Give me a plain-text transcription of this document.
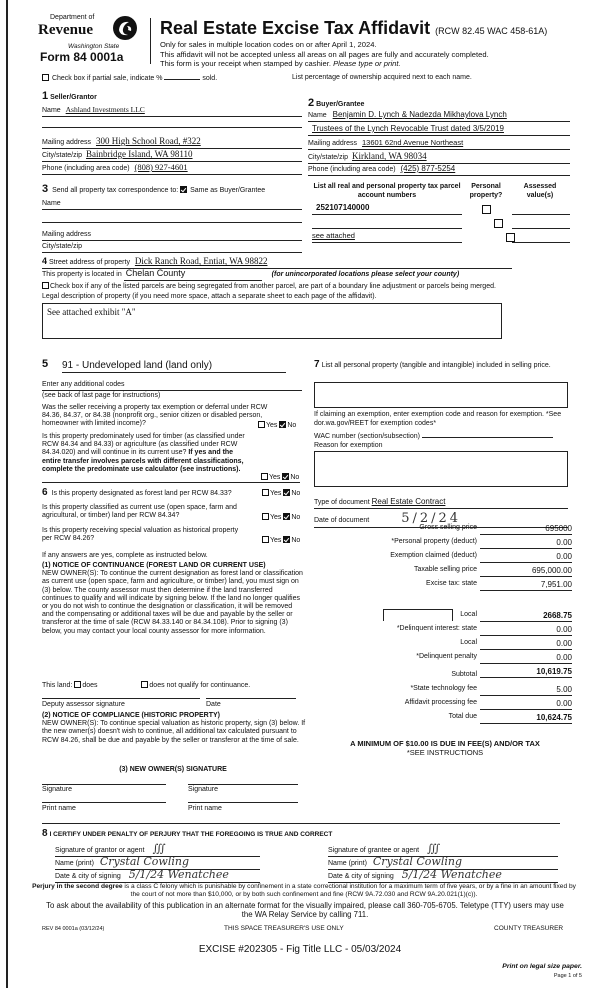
Department of
Revenue
Washington State
Form 84 0001a
Real Estate Excise Tax Affidavit (RCW 82.45 WAC 458-61A)
Only for sales in multiple location codes on or after April 1, 2024.
This affidavit will not be accepted unless all areas on all pages are fully and accurately completed.
This form is your receipt when stamped by cashier. Please type or print.
Check box if partial sale, indicate %	sold.	List percentage of ownership acquired next to each name.
1 Seller/Grantor
Name Ashland Investments LLC
Mailing address 300 High School Road, #322
City/state/zip Bainbridge Island, WA 98110
Phone (including area code) (808) 927-4601
2 Buyer/Grantee
Name Benjamin D. Lynch & Nadezda Mikhaylova Lynch
Trustees of the Lynch Revocable Trust dated 3/5/2019
Mailing address 13601 62nd Avenue Northeast
City/state/zip Kirkland, WA 98034
Phone (including area code) (425) 877-5254
3 Send all property tax correspondence to: Same as Buyer/Grantee
Name
Mailing address
City/state/zip
List all real and personal property tax parcel account numbers
Personal property?
Assessed value(s)
252107140000

see attached
4 Street address of property Dick Ranch Road, Entiat, WA 98822
This property is located in Chelan County	(for unincorporated locations please select your county)
Check box if any of the listed parcels are being segregated from another parcel, are part of a boundary line adjustment or parcels being merged.
Legal description of property (if you need more space, attach a separate sheet to each page of the affidavit).
See attached exhibit "A"
5 91 - Undeveloped land (land only)
Enter any additional codes
(see back of last page for instructions)
Was the seller receiving a property tax exemption or deferral under RCW 84.36, 84.37, or 84.38 (nonprofit org., senior citizen or disabled person, homeowner with limited income)?	Yes No
Is this property predominately used for timber (as classified under RCW 84.34 and 84.33) or agriculture (as classified under RCW 84.34.020) and will continue in its current use? If yes and the entire transfer involves parcels with different classifications, complete the predominate use calculator (see instructions).
Yes No
6 Is this property designated as forest land per RCW 84.33?	Yes No
Is this property classified as current use (open space, farm and agricultural, or timber) land per RCW 84.34?	Yes No
Is this property receiving special valuation as historical property per RCW 84.26?	Yes No
If any answers are yes, complete as instructed below.
(1) NOTICE OF CONTINUANCE (FOREST LAND OR CURRENT USE)
NEW OWNER(S): To continue the current designation as forest land or classification as current use (open space, farm and agriculture, or timber) land, you must sign on (3) below. The county assessor must then determine if the land transferred continues to qualify and will indicate by signing below. If the land no longer qualifies or you do not wish to continue the designation or classification, it will be removed and the compensating or additional taxes will be due and payable by the seller or transferor at the time of sale (RCW 84.33.140 or 84.34.108). Prior to signing (3) below, you may contact your local county assessor for more information.
This land: does	does not qualify for continuance.
Deputy assessor signature	Date
(2) NOTICE OF COMPLIANCE (HISTORIC PROPERTY)
NEW OWNER(S): To continue special valuation as historic property, sign (3) below. If the new owner(s) doesn't wish to continue, all additional tax calculated pursuant to RCW 84.26, shall be due and payable by the seller or transferor at the time of sale.
(3) NEW OWNER(S) SIGNATURE
Signature	Signature
Print name	Print name
7 List all personal property (tangible and intangible) included in selling price.
If claiming an exemption, enter exemption code and reason for exemption. *See dor.wa.gov/REET for exemption codes*
WAC number (section/subsection)
Reason for exemption
Type of document Real Estate Contract
Date of document 5/2/24
Gross selling price	695000
*Personal property (deduct)	0.00
Exemption claimed (deduct)	0.00
Taxable selling price	695,000.00
Excise tax: state	7,951.00
Local	2668.75
*Delinquent interest: state	0.00
Local	0.00
*Delinquent penalty	0.00
Subtotal	10,619.75
*State technology fee	5.00
Affidavit processing fee	0.00
Total due	10,624.75
A MINIMUM OF $10.00 IS DUE IN FEE(S) AND/OR TAX
*SEE INSTRUCTIONS
8 I CERTIFY UNDER PENALTY OF PERJURY THAT THE FOREGOING IS TRUE AND CORRECT
Signature of grantor or agent ∭
Name (print) Crystal Cowling
Date & city of signing 5/1/24 Wenatchee
Signature of grantee or agent ∭
Name (print) Crystal Cowling
Date & city of signing 5/1/24 Wenatchee
Perjury in the second degree is a class C felony which is punishable by confinement in a state correctional institution for a maximum term of five years, or by a fine in an amount fixed by the court of not more than $10,000, or by both such confinement and fine (RCW 9A.72.030 and RCW 9A.20.021(1)(c)).
To ask about the availability of this publication in an alternate format for the visually impaired, please call 360-705-6705. Teletype (TTY) users may use the WA Relay Service by calling 711.
REV 84 0001a (03/12/24)	THIS SPACE TREASURER'S USE ONLY	COUNTY TREASURER
EXCISE #202305 - Fig Title LLC - 05/03/2024
Print on legal size paper.
Page 1 of 5
